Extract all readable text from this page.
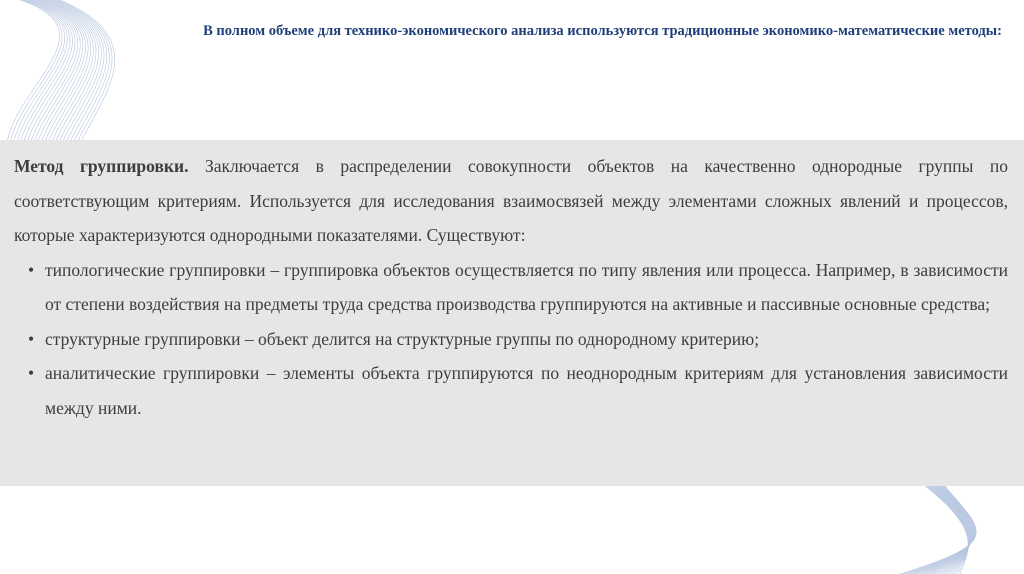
В полном объеме для технико-экономического анализа используются традиционные экономико-математические методы:

Метод группировки. Заключается в распределении совокупности объектов на качественно однородные группы по соответствующим критериям. Используется для исследования взаимосвязей между элементами сложных явлений и процессов, которые характеризуются однородными показателями. Существуют:

• типологические группировки – группировка объектов осуществляется по типу явления или процесса. Например, в зависимости от степени воздействия на предметы труда средства производства группируются на активные и пассивные основные средства;
• структурные группировки – объект делится на структурные группы по однородному критерию;
• аналитические группировки – элементы объекта группируются по неоднородным критериям для установления зависимости между ними.
